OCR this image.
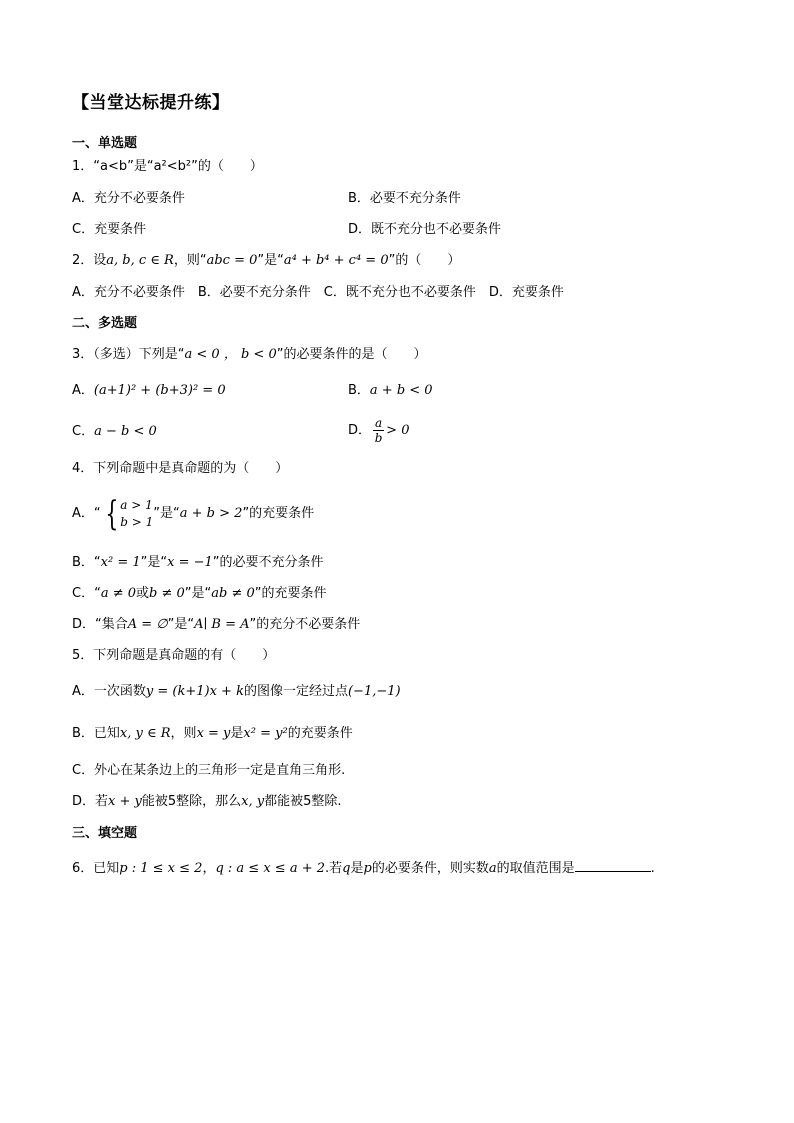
【当堂达标提升练】
一、单选题
1．“a<b”是“a²<b²”的（　　）
A．充分不必要条件	B．必要不充分条件
C．充要条件	D．既不充分也不必要条件
2．设a, b, c ∈ R，则“abc = 0”是“a⁴ + b⁴ + c⁴ = 0”的（　　）
A．充分不必要条件　B．必要不充分条件　C．既不充分也不必要条件　D．充要条件
二、多选题
3．（多选）下列是“a < 0 ， b < 0”的必要条件的是（　　）
A．(a+1)² + (b+3)² = 0	B．a + b < 0
C．a − b < 0	D． $\frac{a}{b} > 0$
4．下列命题中是真命题的为（　　）
A．“ { a > 1
b > 1
”是“a + b > 2”的充要条件
B．“x² = 1”是“x = −1”的必要不充分条件
C．“a ≠ 0或b ≠ 0”是“ab ≠ 0”的充要条件
D．“集合A = ∅”是“A∣ B = A”的充分不必要条件
5．下列命题是真命题的有（　　）
A．一次函数y = (k+1)x + k的图像一定经过点(−1,−1)
B．已知x, y ∈ R，则x = y是x² = y²的充要条件
C．外心在某条边上的三角形一定是直角三角形.
D．若x + y能被5整除，那么x, y都能被5整除.
三、填空题
6．已知p : 1 ≤ x ≤ 2，q : a ≤ x ≤ a + 2.若q是p的必要条件，则实数a的取值范围是	.
